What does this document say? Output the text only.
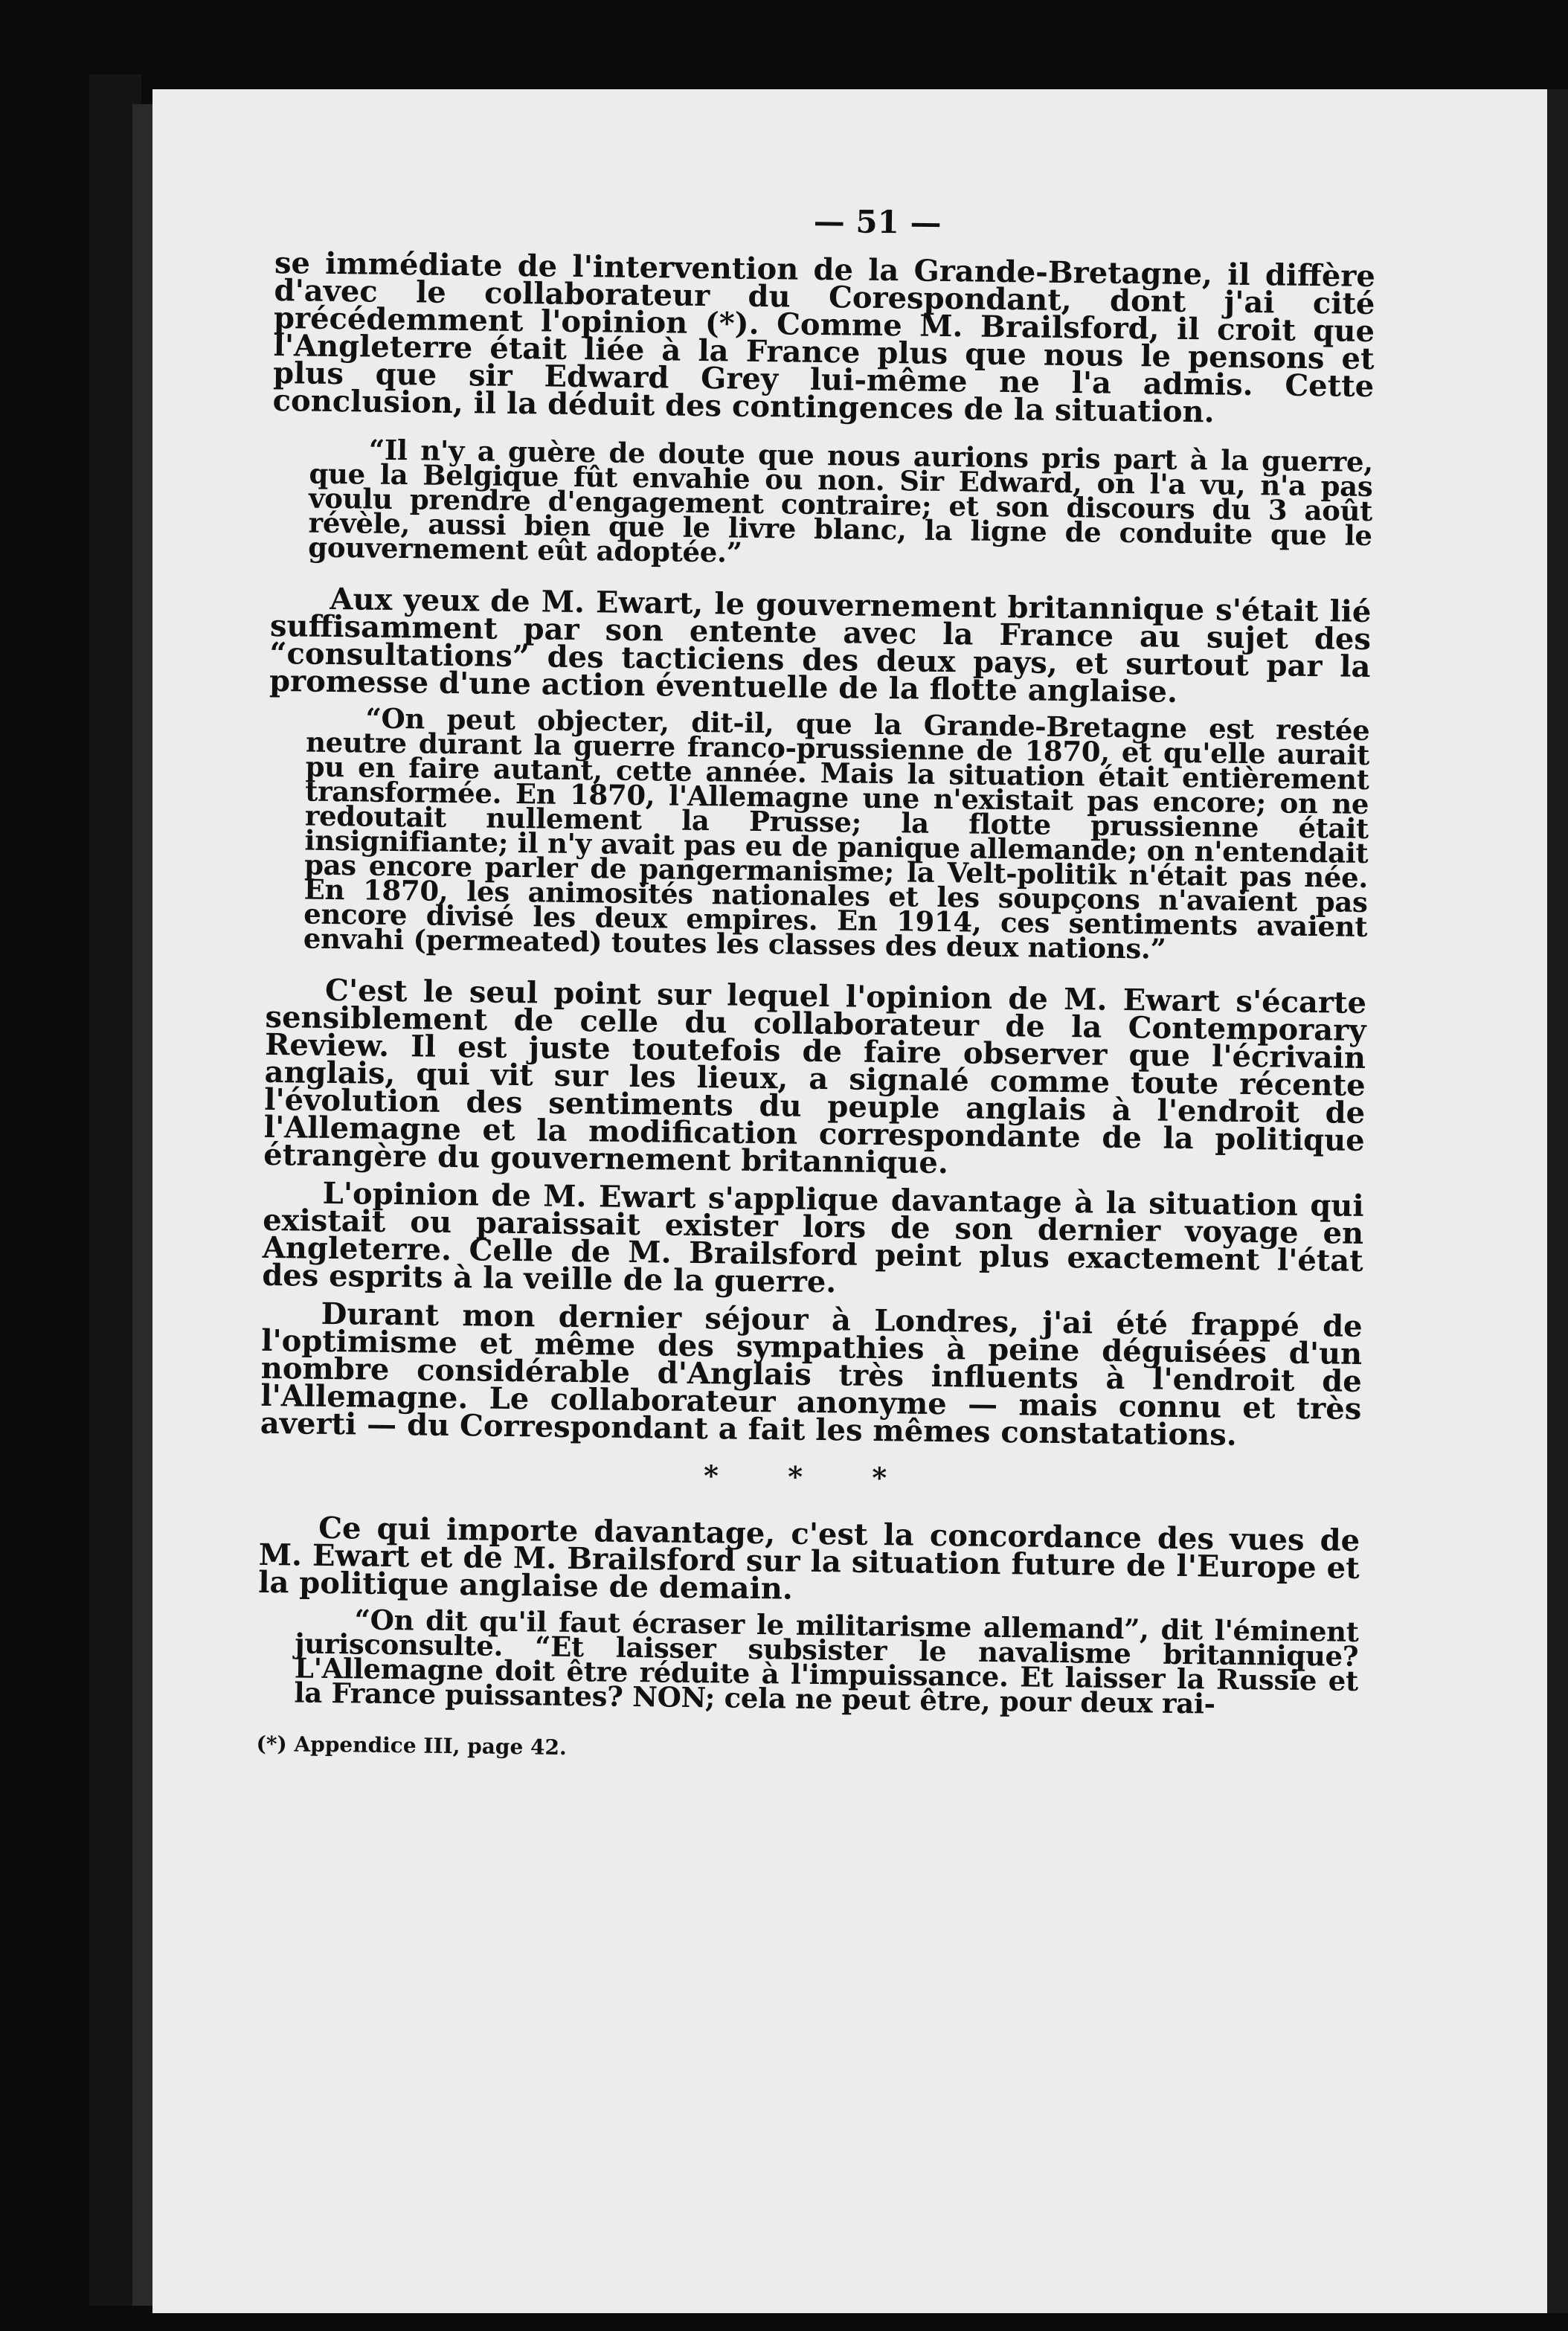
— 51 —

se immédiate de l'intervention de la Grande-Bretagne, il diffère d'avec le collaborateur du Corespondant, dont j'ai cité précédemment l'opinion (*). Comme M. Brailsford, il croit que l'Angleterre était liée à la France plus que nous le pensons et plus que sir Edward Grey lui-même ne l'a admis. Cette conclusion, il la déduit des contingences de la situation.

“Il n'y a guère de doute que nous aurions pris part à la guerre, que la Belgique fût envahie ou non. Sir Edward, on l'a vu, n'a pas voulu prendre d'engagement contraire; et son discours du 3 août révèle, aussi bien que le livre blanc, la ligne de conduite que le gouvernement eût adoptée.”

Aux yeux de M. Ewart, le gouvernement britannique s'était lié suffisamment par son entente avec la France au sujet des “consultations” des tacticiens des deux pays, et surtout par la promesse d'une action éventuelle de la flotte anglaise.

“On peut objecter, dit-il, que la Grande-Bretagne est restée neutre durant la guerre franco-prussienne de 1870, et qu'elle aurait pu en faire autant, cette année. Mais la situation était entièrement transformée. En 1870, l'Allemagne une n'existait pas encore; on ne redoutait nullement la Prusse; la flotte prussienne était insignifiante; il n'y avait pas eu de panique allemande; on n'entendait pas encore parler de pangermanisme; la Velt-politik n'était pas née. En 1870, les animosités nationales et les soupçons n'avaient pas encore divisé les deux empires. En 1914, ces sentiments avaient envahi (permeated) toutes les classes des deux nations.”

C'est le seul point sur lequel l'opinion de M. Ewart s'écarte sensiblement de celle du collaborateur de la Contemporary Review. Il est juste toutefois de faire observer que l'écrivain anglais, qui vit sur les lieux, a signalé comme toute récente l'évolution des sentiments du peuple anglais à l'endroit de l'Allemagne et la modification correspondante de la politique étrangère du gouvernement britannique.

L'opinion de M. Ewart s'applique davantage à la situation qui existait ou paraissait exister lors de son dernier voyage en Angleterre. Celle de M. Brailsford peint plus exactement l'état des esprits à la veille de la guerre.

Durant mon dernier séjour à Londres, j'ai été frappé de l'optimisme et même des sympathies à peine déguisées d'un nombre considérable d'Anglais très influents à l'endroit de l'Allemagne. Le collaborateur anonyme — mais connu et très averti — du Correspondant a fait les mêmes constatations.

* * *

Ce qui importe davantage, c'est la concordance des vues de M. Ewart et de M. Brailsford sur la situation future de l'Europe et la politique anglaise de demain.

“On dit qu'il faut écraser le militarisme allemand”, dit l'éminent jurisconsulte. “Et laisser subsister le navalisme britannique? L'Allemagne doit être réduite à l'impuissance. Et laisser la Russie et la France puissantes? NON; cela ne peut être, pour deux rai-

(*) Appendice III, page 42.
